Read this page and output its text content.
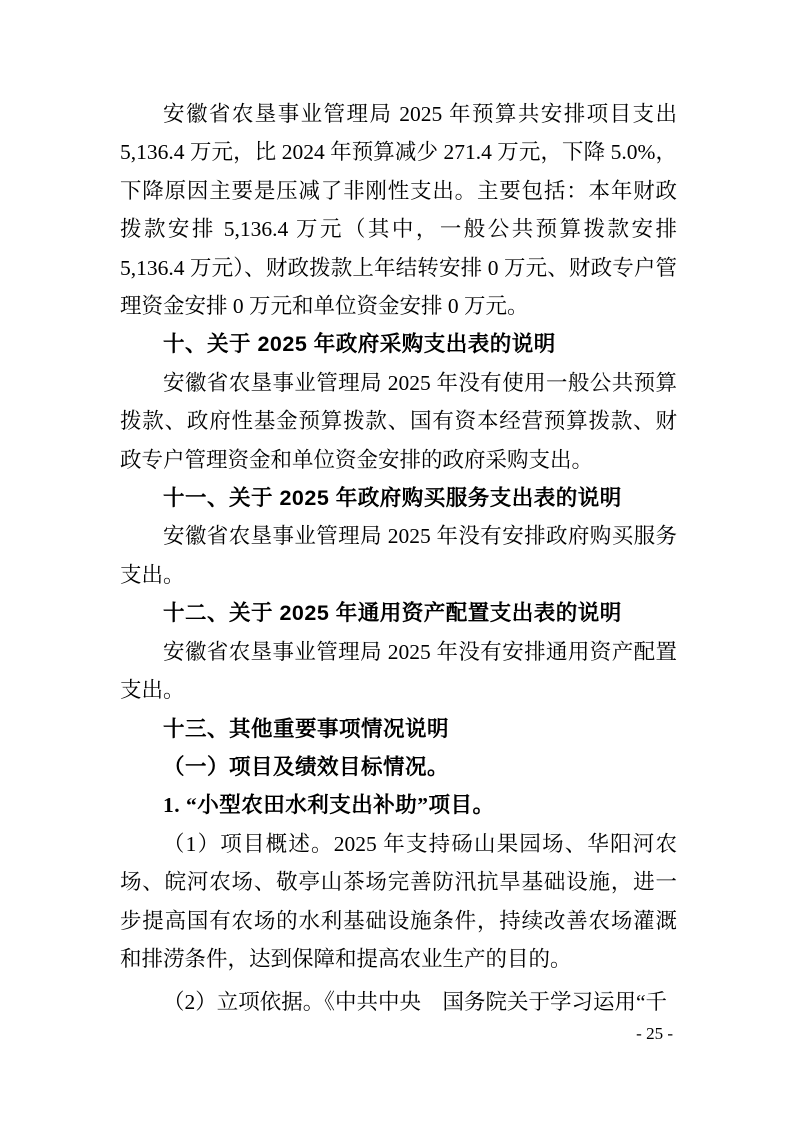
安徽省农垦事业管理局 2025 年预算共安排项目支出 5,136.4 万元，比 2024 年预算减少 271.4 万元，下降 5.0%，下降原因主要是压减了非刚性支出。主要包括：本年财政拨款安排 5,136.4 万元（其中，一般公共预算拨款安排 5,136.4 万元）、财政拨款上年结转安排 0 万元、财政专户管理资金安排 0 万元和单位资金安排 0 万元。

十、关于 2025 年政府采购支出表的说明

安徽省农垦事业管理局 2025 年没有使用一般公共预算拨款、政府性基金预算拨款、国有资本经营预算拨款、财政专户管理资金和单位资金安排的政府采购支出。

十一、关于 2025 年政府购买服务支出表的说明

安徽省农垦事业管理局 2025 年没有安排政府购买服务支出。

十二、关于 2025 年通用资产配置支出表的说明

安徽省农垦事业管理局 2025 年没有安排通用资产配置支出。

十三、其他重要事项情况说明

（一）项目及绩效目标情况。

1. “小型农田水利支出补助”项目。

（1）项目概述。2025 年支持砀山果园场、华阳河农场、皖河农场、敬亭山茶场完善防汛抗旱基础设施，进一步提高国有农场的水利基础设施条件，持续改善农场灌溉和排涝条件，达到保障和提高农业生产的目的。

（2）立项依据。《中共中央　国务院关于学习运用“千

- 25 -
